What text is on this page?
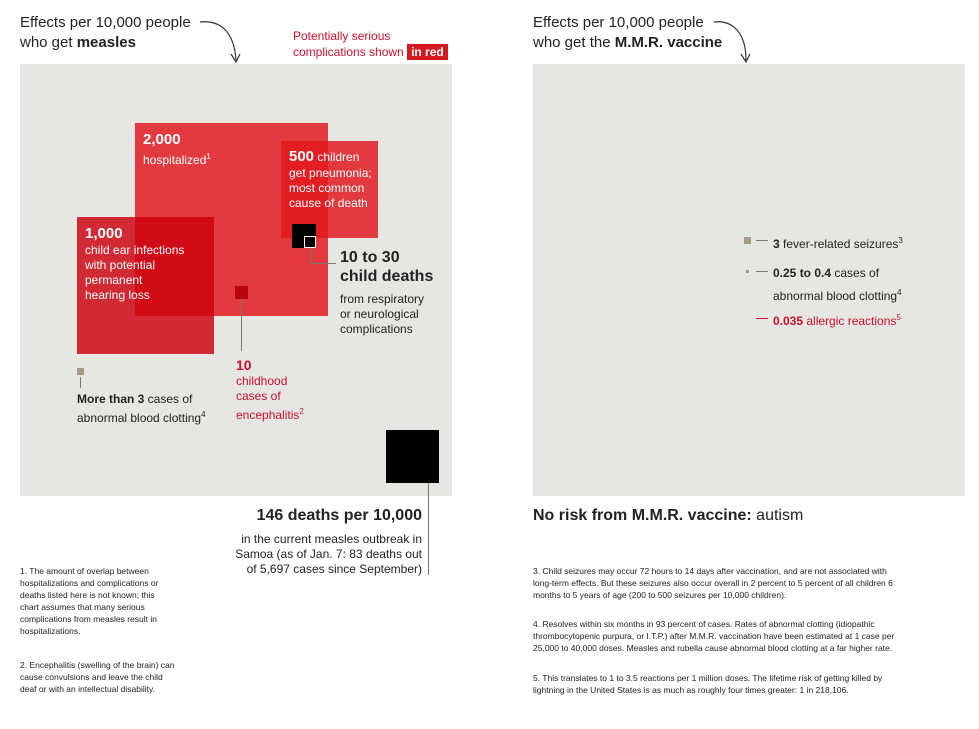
Effects per 10,000 people
who get measles	Potentially serious
complications shown in red
2,000
hospitalized$^1$	500 children
get pneumonia;
most common
cause of death
1,000
child ear infections
with potential
permanent
hearing loss
10 to 30
child deaths
from respiratory
or neurological
complications
10
childhood
cases of
encephalitis$^2$
More than 3 cases of
abnormal blood clotting$^4$
146 deaths per 10,000
in the current measles outbreak in
Samoa (as of Jan. 7: 83 deaths out
of 5,697 cases since September)
1. The amount of overlap between
hospitalizations and complications or
deaths listed here is not known; this
chart assumes that many serious
complications from measles result in
hospitalizations.
2. Encephalitis (swelling of the brain) can
cause convulsions and leave the child
deaf or with an intellectual disability.
Effects per 10,000 people
who get the M.M.R. vaccine
3 fever-related seizures$^3$
0.25 to 0.4 cases of
abnormal blood clotting$^4$
0.035 allergic reactions$^5$
No risk from M.M.R. vaccine: autism
3. Child seizures may occur 72 hours to 14 days after vaccination, and are not associated with
long-term effects. But these seizures also occur overall in 2 percent to 5 percent of all children 6
months to 5 years of age (200 to 500 seizures per 10,000 children).
4. Resolves within six months in 93 percent of cases. Rates of abnormal clotting (idiopathic
thrombocytopenic purpura, or I.T.P.) after M.M.R. vaccination have been estimated at 1 case per
25,000 to 40,000 doses. Measles and rubella cause abnormal blood clotting at a far higher rate.
5. This translates to 1 to 3.5 reactions per 1 million doses. The lifetime risk of getting killed by
lightning in the United States is as much as roughly four times greater: 1 in 218,106.
